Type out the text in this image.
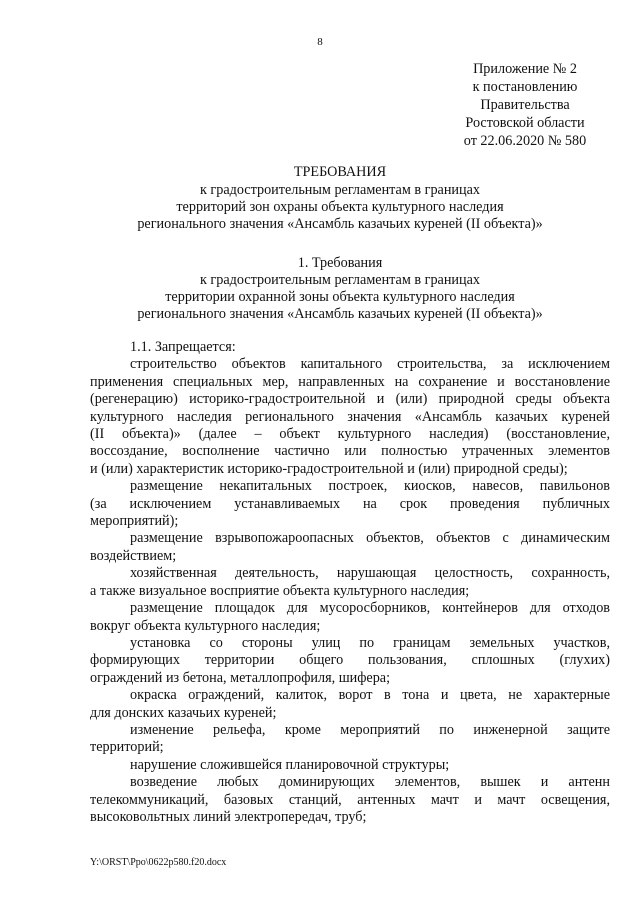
8
Приложение № 2
к постановлению
Правительства
Ростовской области
от 22.06.2020 № 580
ТРЕБОВАНИЯ
к градостроительным регламентам в границах
территорий зон охраны объекта культурного наследия
регионального значения «Ансамбль казачьих куреней (II объекта)»
1. Требования
к градостроительным регламентам в границах
территории охранной зоны объекта культурного наследия
регионального значения «Ансамбль казачьих куреней (II объекта)»
1.1. Запрещается:
строительство объектов капитального строительства, за исключением
применения специальных мер, направленных на сохранение и восстановление
(регенерацию) историко-градостроительной и (или) природной среды объекта
культурного наследия регионального значения «Ансамбль казачьих куреней
(II объекта)» (далее – объект культурного наследия) (восстановление,
воссоздание, восполнение частично или полностью утраченных элементов
и (или) характеристик историко-градостроительной и (или) природной среды);
размещение некапитальных построек, киосков, навесов, павильонов
(за исключением устанавливаемых на срок проведения публичных
мероприятий);
размещение взрывопожароопасных объектов, объектов с динамическим
воздействием;
хозяйственная деятельность, нарушающая целостность, сохранность,
а также визуальное восприятие объекта культурного наследия;
размещение площадок для мусоросборников, контейнеров для отходов
вокруг объекта культурного наследия;
установка со стороны улиц по границам земельных участков,
формирующих территории общего пользования, сплошных (глухих)
ограждений из бетона, металлопрофиля, шифера;
окраска ограждений, калиток, ворот в тона и цвета, не характерные
для донских казачьих куреней;
изменение рельефа, кроме мероприятий по инженерной защите
территорий;
нарушение сложившейся планировочной структуры;
возведение любых доминирующих элементов, вышек и антенн
телекоммуникаций, базовых станций, антенных мачт и мачт освещения,
высоковольтных линий электропередач, труб;
Y:\ORST\Ppo\0622p580.f20.docx
